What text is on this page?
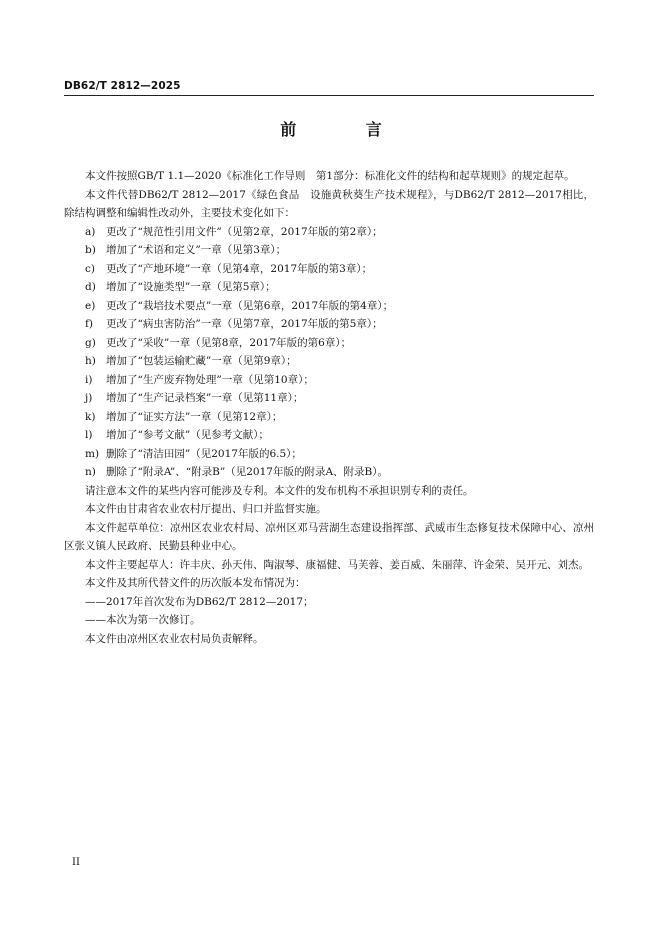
DB62/T 2812—2025
前 言

本文件按照GB/T 1.1—2020《标准化工作导则　第1部分：标准化文件的结构和起草规则》的规定起草。

本文件代替DB62/T 2812—2017《绿色食品　设施黄秋葵生产技术规程》，与DB62/T 2812—2017相比，除结构调整和编辑性改动外，主要技术变化如下：

a)	更改了“规范性引用文件”（见第2章，2017年版的第2章）；
b) 增加了“术语和定义”一章（见第3章）；
c)	更改了“产地环境”一章（见第4章，2017年版的第3章）；
d) 增加了“设施类型”一章（见第5章）；
e)	更改了“栽培技术要点”一章（见第6章，2017年版的第4章）；
f)	更改了“病虫害防治”一章（见第7章，2017年版的第5章）；
g) 更改了“采收”一章（见第8章，2017年版的第6章）；
h) 增加了“包装运输贮藏”一章（见第9章）；
i)	增加了“生产废弃物处理”一章（见第10章）；
j)	增加了“生产记录档案”一章（见第11章）；
k)	增加了“证实方法”一章（见第12章）；
l)	增加了“参考文献”（见参考文献）；
m) 删除了“清洁田园”（见2017年版的6.5）；
n) 删除了“附录A”、“附录B”（见2017年版的附录A、附录B）。

请注意本文件的某些内容可能涉及专利。本文件的发布机构不承担识别专利的责任。

本文件由甘肃省农业农村厅提出、归口并监督实施。

本文件起草单位：凉州区农业农村局、凉州区邓马营湖生态建设指挥部、武威市生态修复技术保障中心、凉州区张义镇人民政府、民勤县种业中心。

本文件主要起草人：许丰庆、孙天伟、陶淑琴、康福健、马芙蓉、姜百威、朱丽萍、许金荣、吴开元、刘杰。

本文件及其所代替文件的历次版本发布情况为：

——2017年首次发布为DB62/T 2812—2017；

——本次为第一次修订。

本文件由凉州区农业农村局负责解释。

II
